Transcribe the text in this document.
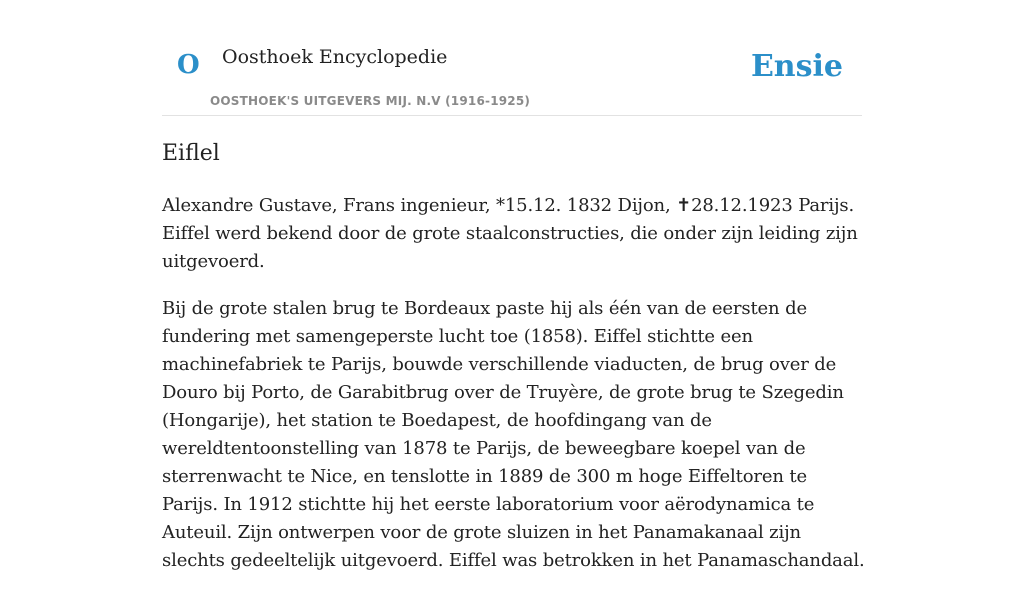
O Oosthoek Encyclopedie
OOSTHOEK'S UITGEVERS MIJ. N.V (1916-1925)
Ensie
Eiflel

Alexandre Gustave, Frans ingenieur, *15.12. 1832 Dijon, ✝28.12.1923 Parijs. Eiffel werd bekend door de grote staalconstructies, die onder zijn leiding zijn uitgevoerd.

Bij de grote stalen brug te Bordeaux paste hij als één van de eersten de fundering met samengeperste lucht toe (1858). Eiffel stichtte een machinefabriek te Parijs, bouwde verschillende viaducten, de brug over de Douro bij Porto, de Garabitbrug over de Truyère, de grote brug te Szegedin (Hongarije), het station te Boedapest, de hoofdingang van de wereldtentoonstelling van 1878 te Parijs, de beweegbare koepel van de sterrenwacht te Nice, en tenslotte in 1889 de 300 m hoge Eiffeltoren te Parijs. In 1912 stichtte hij het eerste laboratorium voor aërodynamica te Auteuil. Zijn ontwerpen voor de grote sluizen in het Panamakanaal zijn slechts gedeeltelijk uitgevoerd. Eiffel was betrokken in het Panamaschandaal.
